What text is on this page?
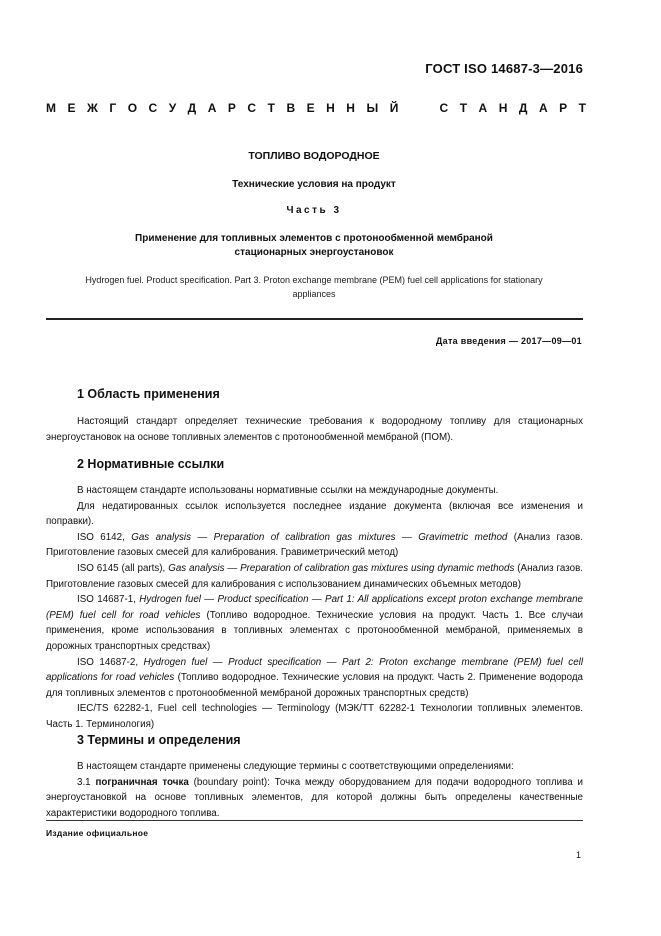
ГОСТ ISO 14687-3—2016
М Е Ж Г О С У Д А Р С Т В Е Н Н Ы Й

	С Т А Н Д А Р Т
ТОПЛИВО ВОДОРОДНОЕ
Технические условия на продукт
Часть 3
Применение для топливных элементов с протонообменной мембраной
стационарных энергоустановок
Hydrogen fuel. Product specification. Part 3. Proton exchange membrane (PEM) fuel cell applications for stationary
appliances
Дата введения — 2017—09—01
1 Область применения

Настоящий стандарт определяет технические требования к водородному топливу для стационарных энергоустановок на основе топливных элементов с протонообменной мембраной (ПОМ).

2 Нормативные ссылки

В настоящем стандарте использованы нормативные ссылки на международные документы.

Для недатированных ссылок используется последнее издание документа (включая все изменения и поправки).

ISO 6142, Gas analysis — Preparation of calibration gas mixtures — Gravimetric method (Анализ газов. Приготовление газовых смесей для калибрования. Гравиметрический метод)

ISO 6145 (all parts), Gas analysis — Preparation of calibration gas mixtures using dynamic methods (Анализ газов. Приготовление газовых смесей для калибрования с использованием динамических объемных методов)

ISO 14687-1, Hydrogen fuel — Product specification — Part 1: All applications except proton exchange membrane (PEM) fuel cell for road vehicles (Топливо водородное. Технические условия на продукт. Часть 1. Все случаи применения, кроме использования в топливных элементах с протонообменной мембраной, применяемых в дорожных транспортных средствах)

ISO 14687-2, Hydrogen fuel — Product specification — Part 2: Proton exchange membrane (PEM) fuel cell applications for road vehicles (Топливо водородное. Технические условия на продукт. Часть 2. Применение водорода для топливных элементов с протонообменной мембраной дорожных транспортных средств)

IEC/TS 62282-1, Fuel cell technologies — Terminology (МЭК/ТТ 62282-1 Технологии топливных элементов. Часть 1. Терминология)

3 Термины и определения

В настоящем стандарте применены следующие термины с соответствующими определениями:

3.1 пограничная точка (boundary point): Точка между оборудованием для подачи водородного топлива и энергоустановкой на основе топливных элементов, для которой должны быть определены качественные характеристики водородного топлива.

Издание официальное
1
